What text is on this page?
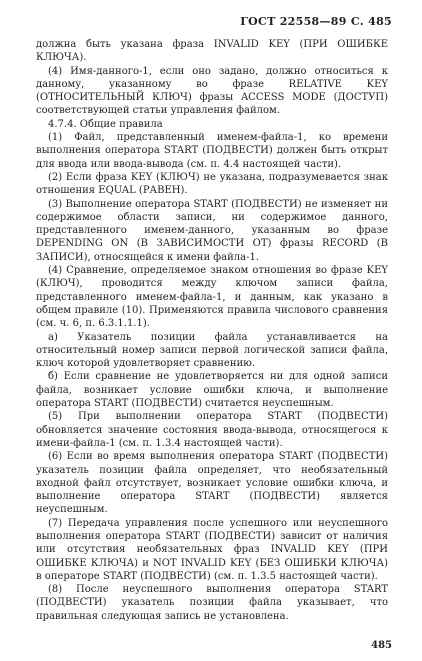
ГОСТ 22558—89 С. 485

должна быть указана фраза INVALID KEY (ПРИ ОШИБКЕ КЛЮЧА).

(4) Имя-данного-1, если оно задано, должно относиться к данному, указанному во фразе RELATIVE KEY (ОТНОСИТЕЛЬНЫЙ КЛЮЧ) фразы ACCESS MODE (ДОСТУП) соответствующей статьи управления файлом.

4.7.4. Общие правила

(1) Файл, представленный именем-файла-1, ко времени выполнения оператора START (ПОДВЕСТИ) должен быть открыт для ввода или ввода-вывода (см. п. 4.4 настоящей части).

(2) Если фраза KEY (КЛЮЧ) не указана, подразумевается знак отношения EQUAL (РАВЕН).

(3) Выполнение оператора START (ПОДВЕСТИ) не изменяет ни содержимое области записи, ни содержимое данного, представленного именем-данного, указанным во фразе DEPENDING ON (В ЗАВИСИМОСТИ ОТ) фразы RECORD (В ЗАПИСИ), относящейся к имени файла-1.

(4) Сравнение, определяемое знаком отношения во фразе KEY (КЛЮЧ), проводится между ключом записи файла, представленного именем-файла-1, и данным, как указано в общем правиле (10). Применяются правила числового сравнения (см. ч. 6, п. 6.3.1.1.1).

а) Указатель позиции файла устанавливается на относительный номер записи первой логической записи файла, ключ которой удовлетворяет сравнению.

б) Если сравнение не удовлетворяется ни для одной записи файла, возникает условие ошибки ключа, и выполнение оператора START (ПОДВЕСТИ) считается неуспешным.

(5) При выполнении оператора START (ПОДВЕСТИ) обновляется значение состояния ввода-вывода, относящегося к имени-файла-1 (см. п. 1.3.4 настоящей части).

(6) Если во время выполнения оператора START (ПОДВЕСТИ) указатель позиции файла определяет, что необязательный входной файл отсутствует, возникает условие ошибки ключа, и выполнение оператора START (ПОДВЕСТИ) является неуспешным.

(7) Передача управления после успешного или неуспешного выполнения оператора START (ПОДВЕСТИ) зависит от наличия или отсутствия необязательных фраз INVALID KEY (ПРИ ОШИБКЕ КЛЮЧА) и NOT INVALID KEY (БЕЗ ОШИБКИ КЛЮЧА) в операторе START (ПОДВЕСТИ) (см. п. 1.3.5 настоящей части).

(8) После неуспешного выполнения оператора START (ПОДВЕСТИ) указатель позиции файла указывает, что правильная следующая запись не установлена.

485
